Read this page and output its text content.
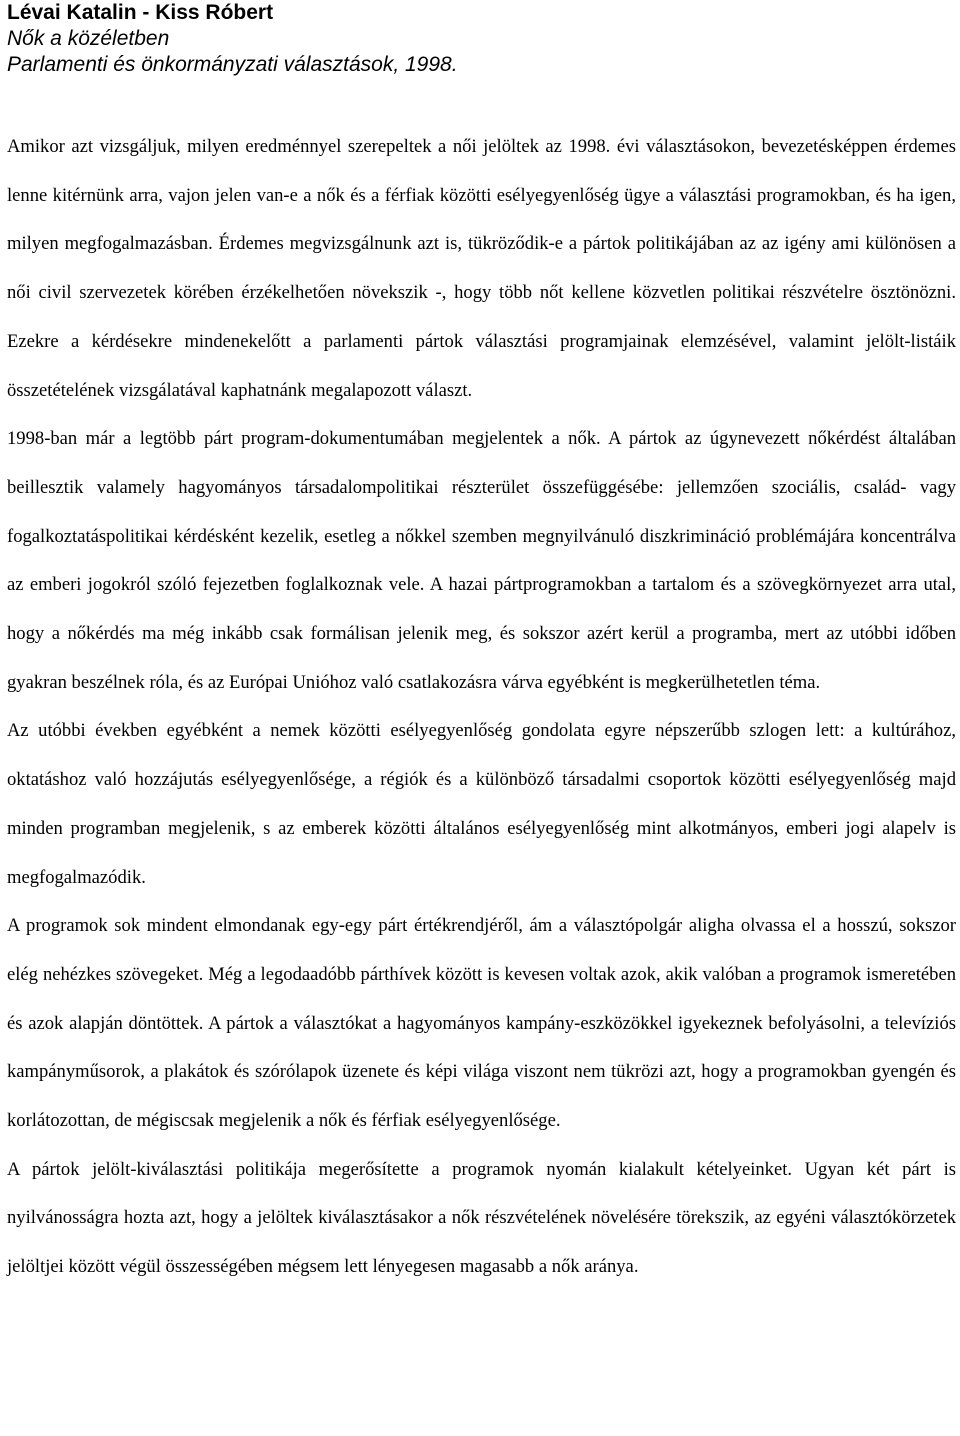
Lévai Katalin - Kiss Róbert
Nők a közéletben
Parlamenti és önkormányzati választások, 1998.

Amikor azt vizsgáljuk, milyen eredménnyel szerepeltek a női jelöltek az 1998. évi választásokon, bevezetésképpen érdemes lenne kitérnünk arra, vajon jelen van-e a nők és a férfiak közötti esélyegyenlőség ügye a választási programokban, és ha igen, milyen megfogalmazásban. Érdemes megvizsgálnunk azt is, tükröződik-e a pártok politikájában az az igény ami különösen a női civil szervezetek körében érzékelhetően növekszik -, hogy több nőt kellene közvetlen politikai részvételre ösztönözni. Ezekre a kérdésekre mindenekelőtt a parlamenti pártok választási programjainak elemzésével, valamint jelölt-listáik összetételének vizsgálatával kaphatnánk megalapozott választ.

1998-ban már a legtöbb párt program-dokumentumában megjelentek a nők. A pártok az úgynevezett nőkérdést általában beillesztik valamely hagyományos társadalompolitikai részterület összefüggésébe: jellemzően szociális, család- vagy fogalkoztatáspolitikai kérdésként kezelik, esetleg a nőkkel szemben megnyilvánuló diszkrimináció problémájára koncentrálva az emberi jogokról szóló fejezetben foglalkoznak vele. A hazai pártprogramokban a tartalom és a szövegkörnyezet arra utal, hogy a nőkérdés ma még inkább csak formálisan jelenik meg, és sokszor azért kerül a programba, mert az utóbbi időben gyakran beszélnek róla, és az Európai Unióhoz való csatlakozásra várva egyébként is megkerülhetetlen téma.

Az utóbbi években egyébként a nemek közötti esélyegyenlőség gondolata egyre népszerűbb szlogen lett: a kultúrához, oktatáshoz való hozzájutás esélyegyenlősége, a régiók és a különböző társadalmi csoportok közötti esélyegyenlőség majd minden programban megjelenik, s az emberek közötti általános esélyegyenlőség mint alkotmányos, emberi jogi alapelv is megfogalmazódik.

A programok sok mindent elmondanak egy-egy párt értékrendjéről, ám a választópolgár aligha olvassa el a hosszú, sokszor elég nehézkes szövegeket. Még a legodaadóbb párthívek között is kevesen voltak azok, akik valóban a programok ismeretében és azok alapján döntöttek. A pártok a választókat a hagyományos kampány-eszközökkel igyekeznek befolyásolni, a televíziós kampányműsorok, a plakátok és szórólapok üzenete és képi világa viszont nem tükrözi azt, hogy a programokban gyengén és korlátozottan, de mégiscsak megjelenik a nők és férfiak esélyegyenlősége.

A pártok jelölt-kiválasztási politikája megerősítette a programok nyomán kialakult kételyeinket. Ugyan két párt is nyilvánosságra hozta azt, hogy a jelöltek kiválasztásakor a nők részvételének növelésére törekszik, az egyéni választókörzetek jelöltjei között végül összességében mégsem lett lényegesen magasabb a nők aránya.
